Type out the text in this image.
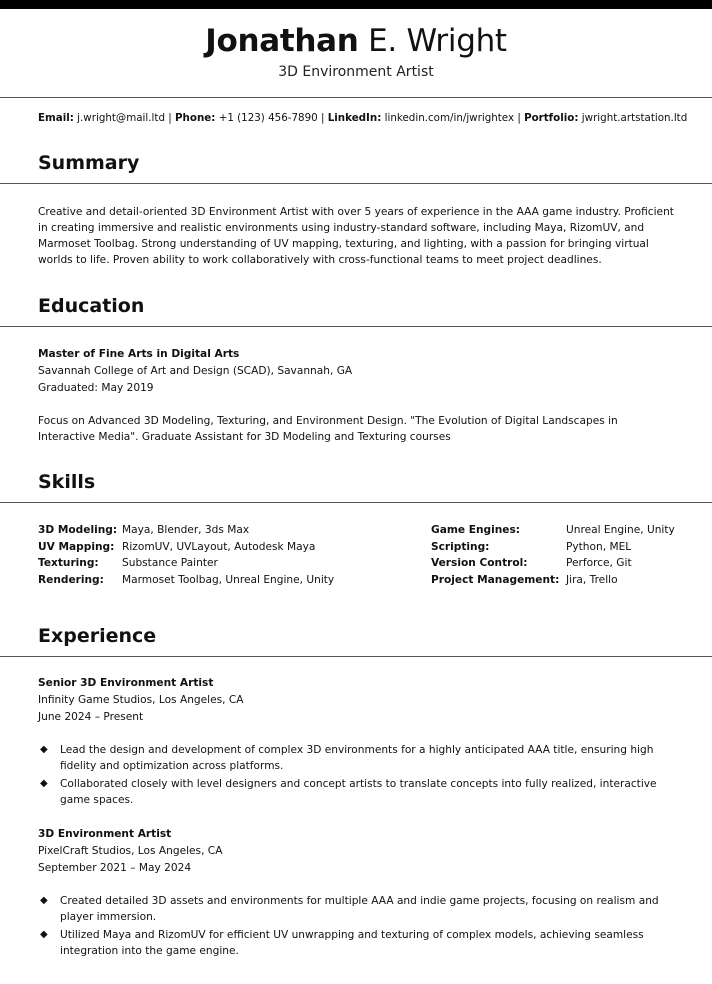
Jonathan E. Wright
3D Environment Artist
Email: j.wright@mail.ltd | Phone: +1 (123) 456-7890 | LinkedIn: linkedin.com/in/jwrightex | Portfolio: jwright.artstation.ltd
Summary
Creative and detail-oriented 3D Environment Artist with over 5 years of experience in the AAA game industry. Proficient in creating immersive and realistic environments using industry-standard software, including Maya, RizomUV, and Marmoset Toolbag. Strong understanding of UV mapping, texturing, and lighting, with a passion for bringing virtual worlds to life. Proven ability to work collaboratively with cross-functional teams to meet project deadlines.
Education
Master of Fine Arts in Digital Arts
Savannah College of Art and Design (SCAD), Savannah, GA
Graduated: May 2019
Focus on Advanced 3D Modeling, Texturing, and Environment Design. "The Evolution of Digital Landscapes in Interactive Media". Graduate Assistant for 3D Modeling and Texturing courses
Skills
3D Modeling: Maya, Blender, 3ds Max	Game Engines:	Unreal Engine, Unity
UV Mapping: RizomUV, UVLayout, Autodesk Maya	Scripting:	Python, MEL
Texturing: Substance Painter	Version Control:	Perforce, Git
Rendering: Marmoset Toolbag, Unreal Engine, Unity	Project Management: Jira, Trello
Experience
Senior 3D Environment Artist
Infinity Game Studios, Los Angeles, CA
June 2024 – Present
◆ Lead the design and development of complex 3D environments for a highly anticipated AAA title, ensuring high fidelity and optimization across platforms.
◆ Collaborated closely with level designers and concept artists to translate concepts into fully realized, interactive game spaces.
3D Environment Artist
PixelCraft Studios, Los Angeles, CA
September 2021 – May 2024
◆ Created detailed 3D assets and environments for multiple AAA and indie game projects, focusing on realism and player immersion.
◆ Utilized Maya and RizomUV for efficient UV unwrapping and texturing of complex models, achieving seamless integration into the game engine.
